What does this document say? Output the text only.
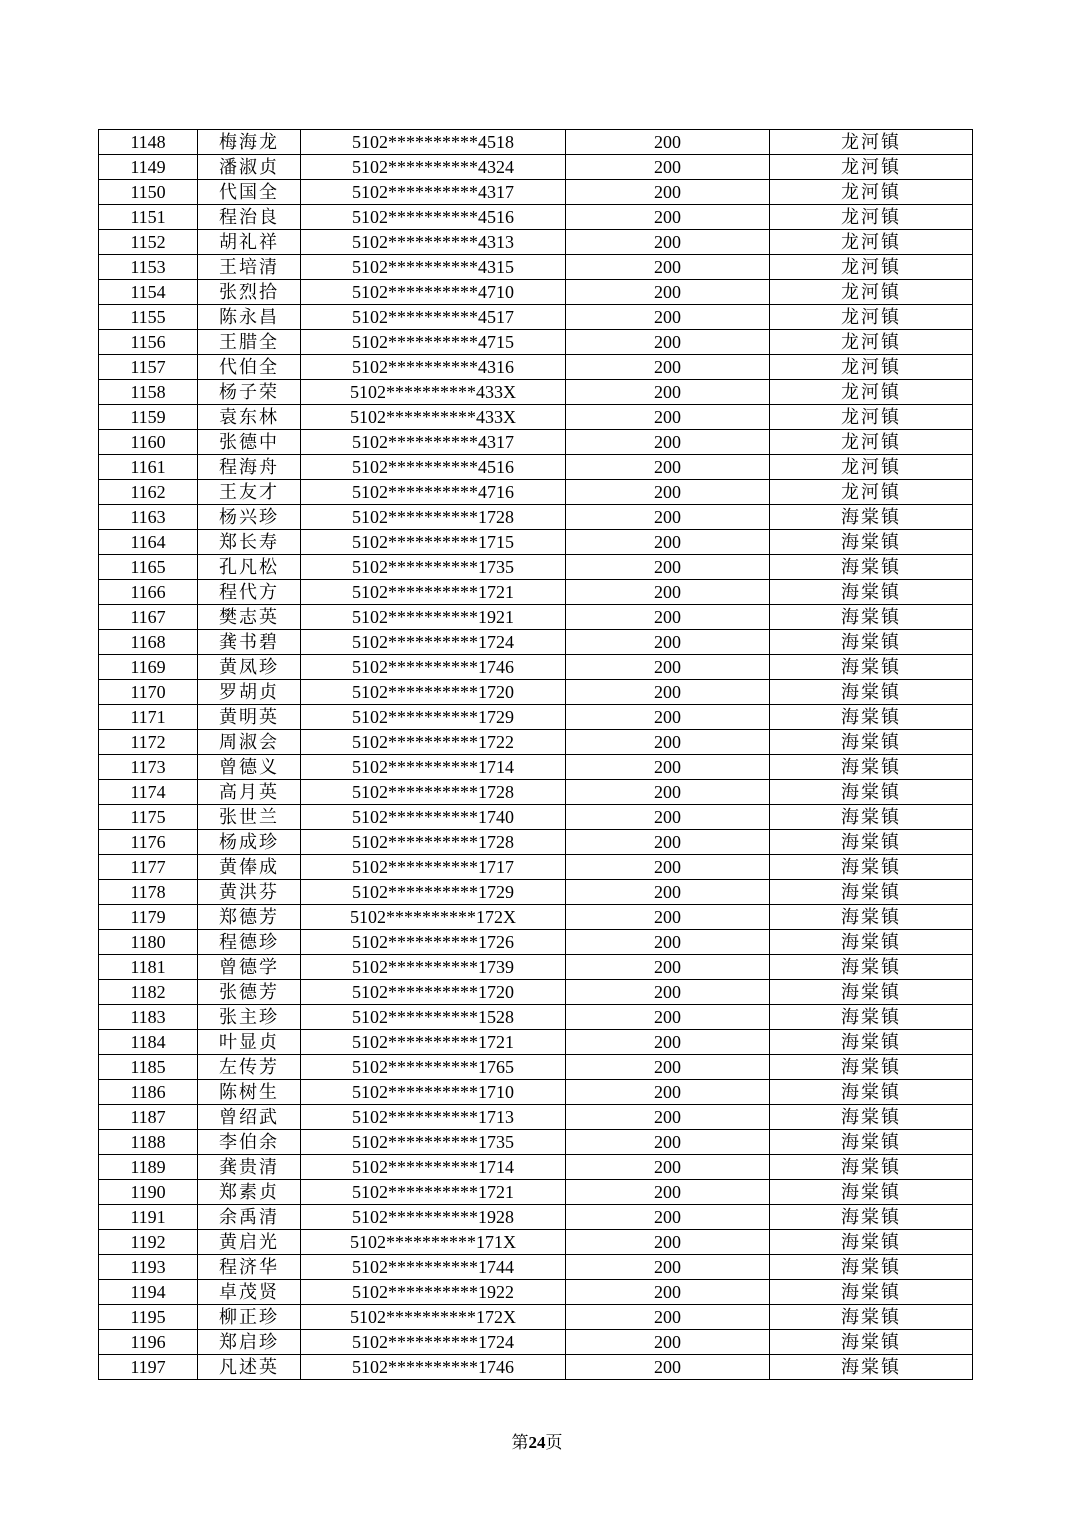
1148	梅海龙	5102**********4518	200	龙河镇
1149	潘淑贞	5102**********4324	200	龙河镇
1150	代国全	5102**********4317	200	龙河镇
1151	程治良	5102**********4516	200	龙河镇
1152	胡礼祥	5102**********4313	200	龙河镇
1153	王培清	5102**********4315	200	龙河镇
1154	张烈拾	5102**********4710	200	龙河镇
1155	陈永昌	5102**********4517	200	龙河镇
1156	王腊全	5102**********4715	200	龙河镇
1157	代伯全	5102**********4316	200	龙河镇
1158	杨子荣	5102**********433X	200	龙河镇
1159	袁东林	5102**********433X	200	龙河镇
1160	张德中	5102**********4317	200	龙河镇
1161	程海舟	5102**********4516	200	龙河镇
1162	王友才	5102**********4716	200	龙河镇
1163	杨兴珍	5102**********1728	200	海棠镇
1164	郑长寿	5102**********1715	200	海棠镇
1165	孔凡松	5102**********1735	200	海棠镇
1166	程代方	5102**********1721	200	海棠镇
1167	樊志英	5102**********1921	200	海棠镇
1168	龚书碧	5102**********1724	200	海棠镇
1169	黄凤珍	5102**********1746	200	海棠镇
1170	罗胡贞	5102**********1720	200	海棠镇
1171	黄明英	5102**********1729	200	海棠镇
1172	周淑会	5102**********1722	200	海棠镇
1173	曾德义	5102**********1714	200	海棠镇
1174	高月英	5102**********1728	200	海棠镇
1175	张世兰	5102**********1740	200	海棠镇
1176	杨成珍	5102**********1728	200	海棠镇
1177	黄俸成	5102**********1717	200	海棠镇
1178	黄洪芬	5102**********1729	200	海棠镇
1179	郑德芳	5102**********172X	200	海棠镇
1180	程德珍	5102**********1726	200	海棠镇
1181	曾德学	5102**********1739	200	海棠镇
1182	张德芳	5102**********1720	200	海棠镇
1183	张主珍	5102**********1528	200	海棠镇
1184	叶显贞	5102**********1721	200	海棠镇
1185	左传芳	5102**********1765	200	海棠镇
1186	陈树生	5102**********1710	200	海棠镇
1187	曾绍武	5102**********1713	200	海棠镇
1188	李伯余	5102**********1735	200	海棠镇
1189	龚贵清	5102**********1714	200	海棠镇
1190	郑素贞	5102**********1721	200	海棠镇
1191	余禹清	5102**********1928	200	海棠镇
1192	黄启光	5102**********171X	200	海棠镇
1193	程济华	5102**********1744	200	海棠镇
1194	卓茂贤	5102**********1922	200	海棠镇
1195	柳正珍	5102**********172X	200	海棠镇
1196	郑启珍	5102**********1724	200	海棠镇
1197	凡述英	5102**********1746	200	海棠镇
第24页
